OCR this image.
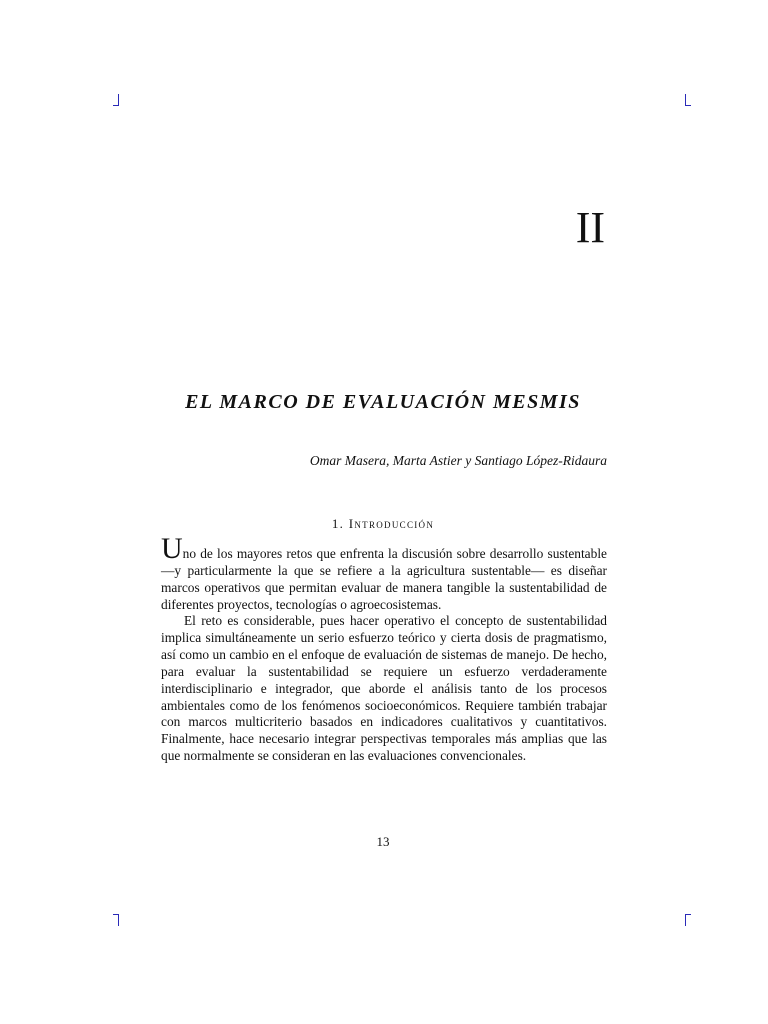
II
EL MARCO DE EVALUACIÓN MESMIS
Omar Masera, Marta Astier y Santiago López-Ridaura
1. Introducción

Uno de los mayores retos que enfrenta la discusión sobre desarrollo sustentable —y particularmente la que se refiere a la agricultura sustentable— es diseñar marcos operativos que permitan evaluar de manera tangible la sustentabilidad de diferentes proyectos, tecnologías o agroecosistemas.

El reto es considerable, pues hacer operativo el concepto de sustentabilidad implica simultáneamente un serio esfuerzo teórico y cierta dosis de pragmatismo, así como un cambio en el enfoque de evaluación de sistemas de manejo. De hecho, para evaluar la sustentabilidad se requiere un esfuerzo verdaderamente interdisciplinario e integrador, que aborde el análisis tanto de los procesos ambientales como de los fenómenos socioeconómicos. Requiere también trabajar con marcos multicriterio basados en indicadores cualitativos y cuantitativos. Finalmente, hace necesario integrar perspectivas temporales más amplias que las que normalmente se consideran en las evaluaciones convencionales.

13
